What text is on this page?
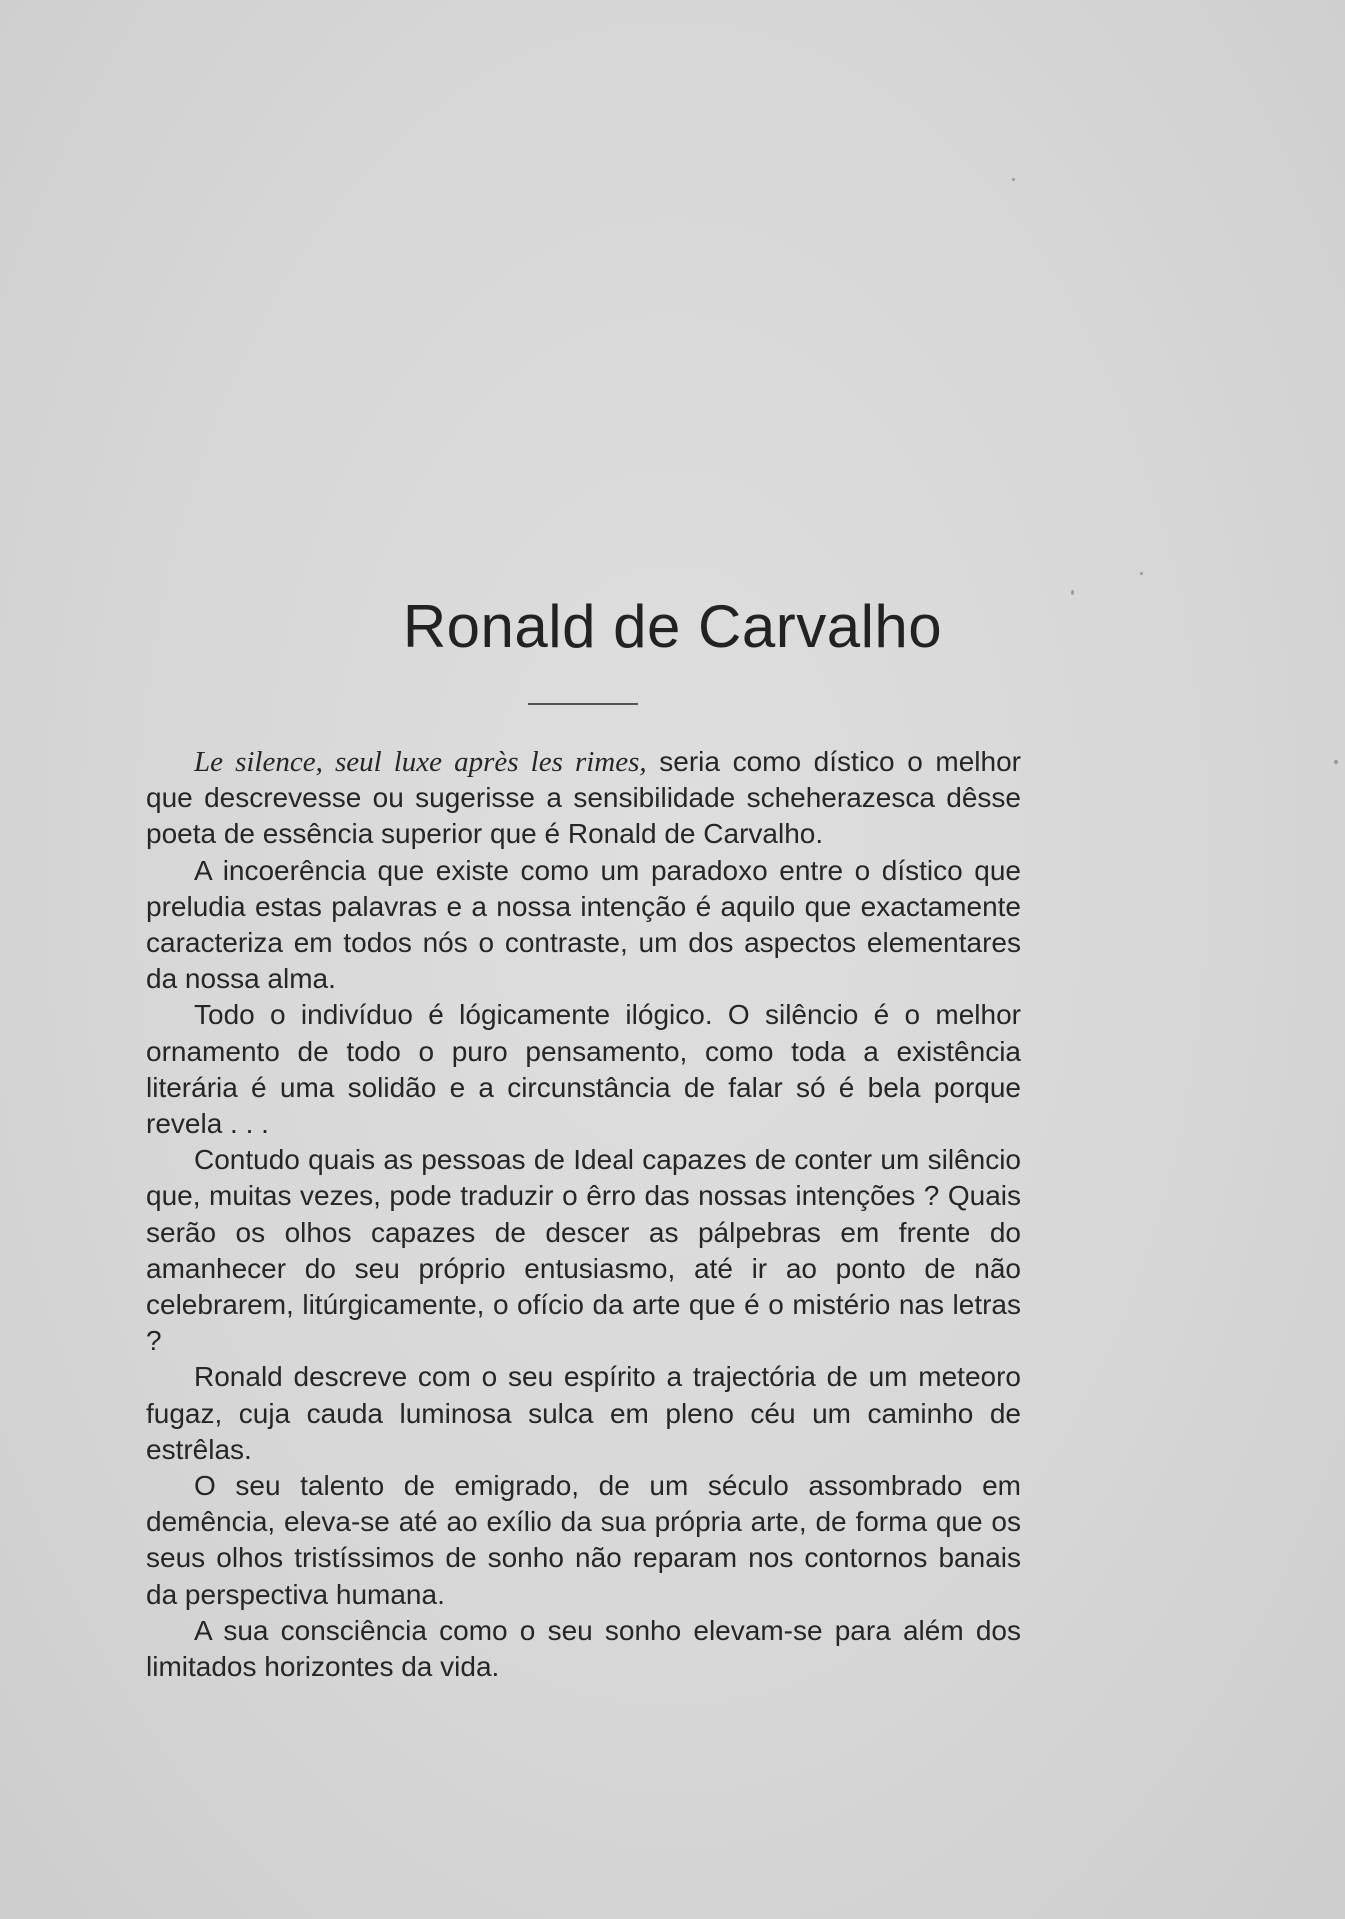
Ronald de Carvalho

Le silence, seul luxe après les rimes, seria como dístico o melhor que descrevesse ou sugerisse a sensibilidade scheherazesca dêsse poeta de essência superior que é Ronald de Carvalho.

A incoerência que existe como um paradoxo entre o dístico que preludia estas palavras e a nossa intenção é aquilo que exactamente caracteriza em todos nós o contraste, um dos aspectos elementares da nossa alma.

Todo o indivíduo é lógicamente ilógico. O silêncio é o melhor ornamento de todo o puro pensamento, como toda a existência literária é uma solidão e a circunstância de falar só é bela porque revela . . .

Contudo quais as pessoas de Ideal capazes de conter um silêncio que, muitas vezes, pode traduzir o êrro das nossas intenções ? Quais serão os olhos capazes de descer as pálpebras em frente do amanhecer do seu próprio entusiasmo, até ir ao ponto de não celebrarem, litúrgicamente, o ofício da arte que é o mistério nas letras ?

Ronald descreve com o seu espírito a trajectória de um meteoro fugaz, cuja cauda luminosa sulca em pleno céu um caminho de estrêlas.

O seu talento de emigrado, de um século assombrado em demência, eleva-se até ao exílio da sua própria arte, de forma que os seus olhos tristíssimos de sonho não reparam nos contornos banais da perspectiva humana.

A sua consciência como o seu sonho elevam-se para além dos limitados horizontes da vida.
